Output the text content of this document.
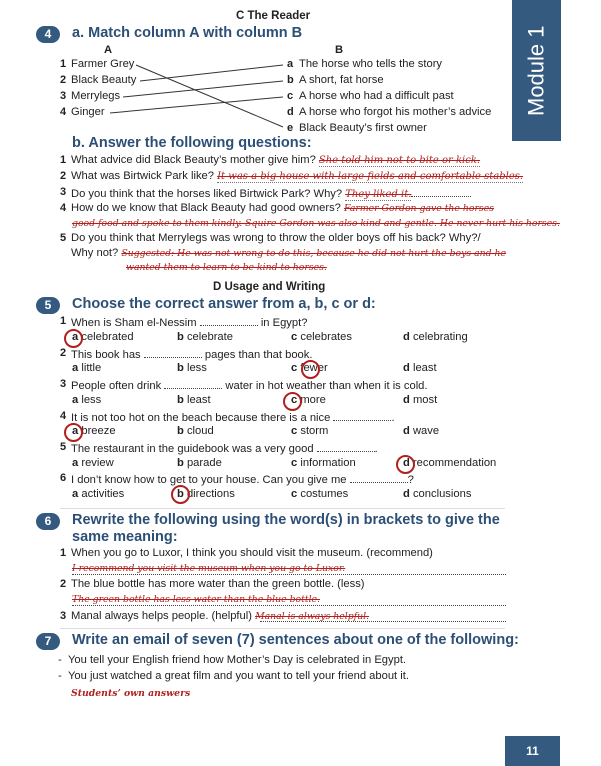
Module 1
C The Reader
4	a. Match column A with column B
A	B
1 Farmer Grey
2 Black Beauty
3 Merrylegs
4 Ginger
a The horse who tells the story
b A short, fat horse
c A horse who had a difficult past
d A horse who forgot his mother’s advice
e Black Beauty’s first owner
b. Answer the following questions:
1 What advice did Black Beauty’s mother give him? She told him not to bite or kick.
2 What was Birtwick Park like? It was a big house with large fields and comfortable stables.
3 Do you think that the horses liked Birtwick Park? Why? They liked it.
4 How do we know that Black Beauty had good owners? Farmer Gordon gave the horses
good food and spoke to them kindly. Squire Gordon was also kind and gentle. He never hurt his horses.
5 Do you think that Merrylegs was wrong to throw the older boys off his back? Why?/
Why not? Suggested: He was not wrong to do this, because he did not hurt the boys and he
wanted them to learn to be kind to horses.
D Usage and Writing
5	Choose the correct answer from a, b, c or d:
1 When is Sham el-Nessim	in Egypt?
a celebrated	b celebrate	c celebrates	d celebrating
2 This book has	pages than that book.
a little	b less	c fewer	d least
3 People often drink	water in hot weather than when it is cold.
a less	b least	c more	d most
4 It is not too hot on the beach because there is a nice	.
a breeze	b cloud	c storm	d wave
5 The restaurant in the guidebook was a very good	.
a review	b parade	c information	d recommendation
6 I don’t know how to get to your house. Can you give me	?
a activities	b directions	c costumes	d conclusions
6	Rewrite the following using the word(s) in brackets to give the
same meaning:
1 When you go to Luxor, I think you should visit the museum. (recommend)
I recommend you visit the museum when you go to Luxor.
2 The blue bottle has more water than the green bottle. (less)
The green bottle has less water than the blue bottle.
3 Manal always helps people. (helpful) Manal is always helpful.
7	Write an email of seven (7) sentences about one of the following:
-  You tell your English friend how Mother’s Day is celebrated in Egypt.
-  You just watched a great film and you want to tell your friend about it.
Students’ own answers
11
